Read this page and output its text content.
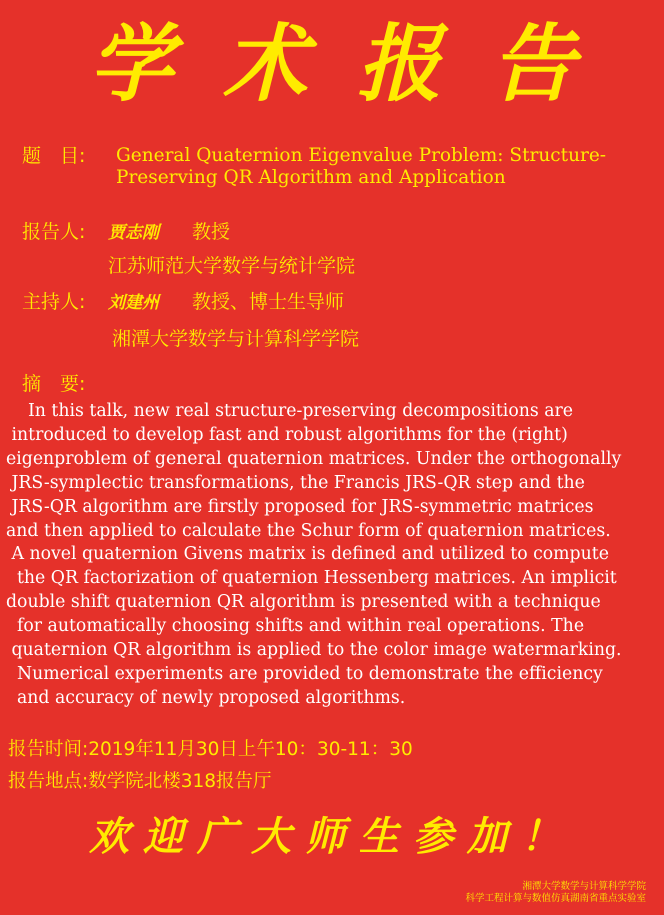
学 术 报 告
题　目: General Quaternion Eigenvalue Problem: Structure-
Preserving QR Algorithm and Application
报告人: 贾志刚 教授
江苏师范大学数学与统计学院
主持人: 刘建州 教授、博士生导师
湘潭大学数学与计算科学学院
摘　要:
In this talk, new real structure-preserving decompositions are
introduced to develop fast and robust algorithms for the (right)
eigenproblem of general quaternion matrices. Under the orthogonally
JRS-symplectic transformations, the Francis JRS-QR step and the
JRS-QR algorithm are firstly proposed for JRS-symmetric matrices
and then applied to calculate the Schur form of quaternion matrices.
A novel quaternion Givens matrix is defined and utilized to compute
the QR factorization of quaternion Hessenberg matrices. An implicit
double shift quaternion QR algorithm is presented with a technique
for automatically choosing shifts and within real operations. The
quaternion QR algorithm is applied to the color image watermarking.
Numerical experiments are provided to demonstrate the efficiency
and accuracy of newly proposed algorithms.
报告时间:2019年11月30日上午10：30-11：30
报告地点:数学院北楼318报告厅
欢迎广大师生参加！
湘潭大学数学与计算科学学院
科学工程计算与数值仿真湖南省重点实验室
